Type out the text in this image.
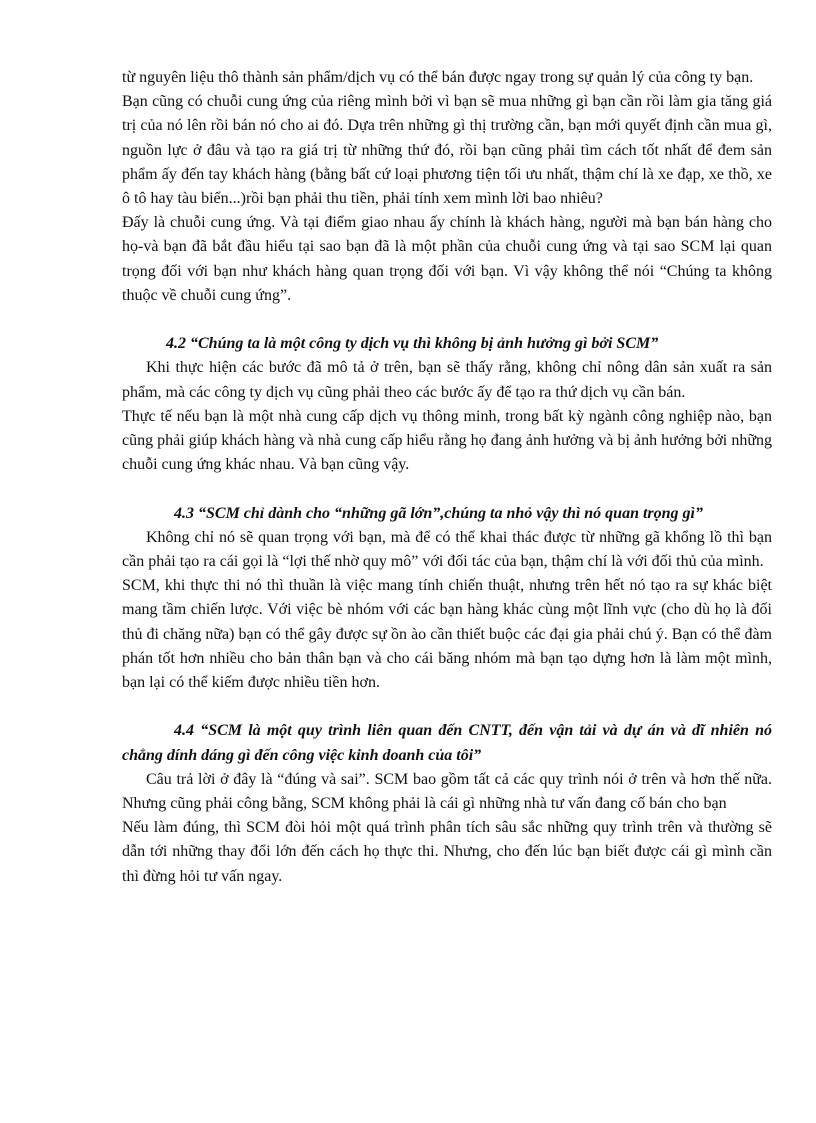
từ nguyên liệu thô thành sản phẩm/dịch vụ có thể bán được ngay trong sự quản lý của công ty bạn.

Bạn cũng có chuỗi cung ứng của riêng mình bởi vì bạn sẽ mua những gì bạn cần rồi làm gia tăng giá trị của nó lên rồi bán nó cho ai đó. Dựa trên những gì thị trường cần, bạn mới quyết định cần mua gì, nguồn lực ở đâu và tạo ra giá trị từ những thứ đó, rồi bạn cũng phải tìm cách tốt nhất để đem sản phẩm ấy đến tay khách hàng (bằng bất cứ loại phương tiện tối ưu nhất, thậm chí là xe đạp, xe thồ, xe ô tô hay tàu biển...)rồi bạn phải thu tiền, phải tính xem mình lời bao nhiêu?

Đấy là chuỗi cung ứng. Và tại điểm giao nhau ấy chính là khách hàng, người mà bạn bán hàng cho họ-và bạn đã bắt đầu hiểu tại sao bạn đã là một phần của chuỗi cung ứng và tại sao SCM lại quan trọng đối với bạn như khách hàng quan trọng đối với bạn. Vì vậy không thể nói “Chúng ta không thuộc về chuỗi cung ứng”.

4.2 “Chúng ta là một công ty dịch vụ thì không bị ảnh hưởng gì bởi SCM”

Khi thực hiện các bước đã mô tả ở trên, bạn sẽ thấy rằng, không chỉ nông dân sản xuất ra sản phẩm, mà các công ty dịch vụ cũng phải theo các bước ấy để tạo ra thứ dịch vụ cần bán.

Thực tế nếu bạn là một nhà cung cấp dịch vụ thông minh, trong bất kỳ ngành công nghiệp nào, bạn cũng phải giúp khách hàng và nhà cung cấp hiểu rằng họ đang ảnh hưởng và bị ảnh hưởng bởi những chuỗi cung ứng khác nhau. Và bạn cũng vậy.

4.3 “SCM chỉ dành cho “những gã lớn”,chúng ta nhỏ vậy thì nó quan trọng gì”

Không chỉ nó sẽ quan trọng với bạn, mà để có thể khai thác được từ những gã khổng lồ thì bạn cần phải tạo ra cái gọi là “lợi thế nhờ quy mô” với đối tác của bạn, thậm chí là với đối thủ của mình.

SCM, khi thực thi nó thì thuần là việc mang tính chiến thuật, nhưng trên hết nó tạo ra sự khác biệt mang tầm chiến lược. Với việc bè nhóm với các bạn hàng khác cùng một lĩnh vực (cho dù họ là đối thủ đi chăng nữa) bạn có thể gây được sự ồn ào cần thiết buộc các đại gia phải chú ý. Bạn có thể đàm phán tốt hơn nhiều cho bản thân bạn và cho cái băng nhóm mà bạn tạo dựng hơn là làm một mình, bạn lại có thể kiếm được nhiều tiền hơn.

4.4 “SCM là một quy trình liên quan đến CNTT, đến vận tải và dự án và dĩ nhiên nó chẳng dính dáng gì đến công việc kinh doanh của tôi”

Câu trả lời ở đây là “đúng và sai”. SCM bao gồm tất cả các quy trình nói ở trên và hơn thế nữa. Nhưng cũng phải công bằng, SCM không phải là cái gì những nhà tư vấn đang cố bán cho bạn

Nếu làm đúng, thì SCM đòi hỏi một quá trình phân tích sâu sắc những quy trình trên và thường sẽ dẫn tới những thay đổi lớn đến cách họ thực thi. Nhưng, cho đến lúc bạn biết được cái gì mình cần thì đừng hỏi tư vấn ngay.
